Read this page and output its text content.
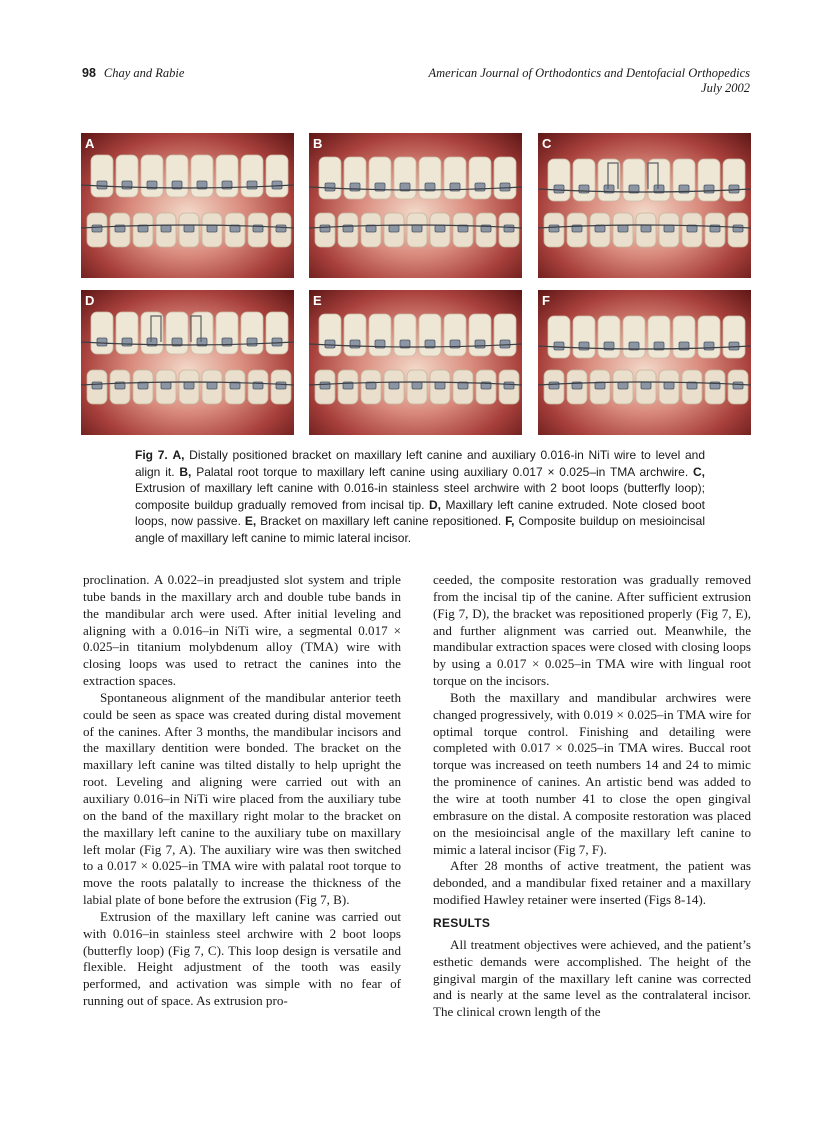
98 Chay and Rabie	American Journal of Orthodontics and Dentofacial Orthopedics
July 2002
A	B	C
D	E	F
Fig 7. A, Distally positioned bracket on maxillary left canine and auxiliary 0.016-in NiTi wire to level and align it. B, Palatal root torque to maxillary left canine using auxiliary 0.017 × 0.025–in TMA archwire. C, Extrusion of maxillary left canine with 0.016-in stainless steel archwire with 2 boot loops (butterfly loop); composite buildup gradually removed from incisal tip. D, Maxillary left canine extruded. Note closed boot loops, now passive. E, Bracket on maxillary left canine repositioned. F, Composite buildup on mesioincisal angle of maxillary left canine to mimic lateral incisor.

proclination. A 0.022–in preadjusted slot system and triple tube bands in the maxillary arch and double tube bands in the mandibular arch were used. After initial leveling and aligning with a 0.016–in NiTi wire, a segmental 0.017 × 0.025–in titanium molybdenum alloy (TMA) wire with closing loops was used to retract the canines into the extraction spaces.

Spontaneous alignment of the mandibular anterior teeth could be seen as space was created during distal movement of the canines. After 3 months, the mandibular incisors and the maxillary dentition were bonded. The bracket on the maxillary left canine was tilted distally to help upright the root. Leveling and aligning were carried out with an auxiliary 0.016–in NiTi wire placed from the auxiliary tube on the band of the maxillary right molar to the bracket on the maxillary left canine to the auxiliary tube on maxillary left molar (Fig 7, A). The auxiliary wire was then switched to a 0.017 × 0.025–in TMA wire with palatal root torque to move the roots palatally to increase the thickness of the labial plate of bone before the extrusion (Fig 7, B).

Extrusion of the maxillary left canine was carried out with 0.016–in stainless steel archwire with 2 boot loops (butterfly loop) (Fig 7, C). This loop design is versatile and flexible. Height adjustment of the tooth was easily performed, and activation was simple with no fear of running out of space. As extrusion pro-

ceeded, the composite restoration was gradually removed from the incisal tip of the canine. After sufficient extrusion (Fig 7, D), the bracket was repositioned properly (Fig 7, E), and further alignment was carried out. Meanwhile, the mandibular extraction spaces were closed with closing loops by using a 0.017 × 0.025–in TMA wire with lingual root torque on the incisors.

Both the maxillary and mandibular archwires were changed progressively, with 0.019 × 0.025–in TMA wire for optimal torque control. Finishing and detailing were completed with 0.017 × 0.025–in TMA wires. Buccal root torque was increased on teeth numbers 14 and 24 to mimic the prominence of canines. An artistic bend was added to the wire at tooth number 41 to close the open gingival embrasure on the distal. A composite restoration was placed on the mesioincisal angle of the maxillary left canine to mimic a lateral incisor (Fig 7, F).

After 28 months of active treatment, the patient was debonded, and a mandibular fixed retainer and a maxillary modified Hawley retainer were inserted (Figs 8-14).

RESULTS

All treatment objectives were achieved, and the patient’s esthetic demands were accomplished. The height of the gingival margin of the maxillary left canine was corrected and is nearly at the same level as the contralateral incisor. The clinical crown length of the
